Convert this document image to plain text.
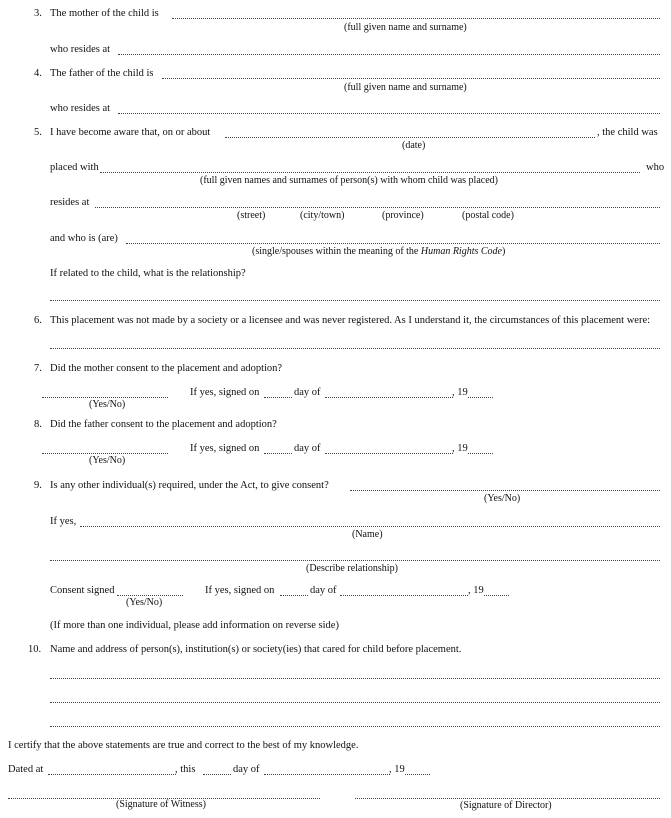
3. The mother of the child is
(full given name and surname)
who resides at
4. The father of the child is
(full given name and surname)
who resides at
5. I have become aware that, on or about	, the child was
(date)
placed with	who
(full given names and surnames of person(s) with whom child was placed)
resides at
(street)	(city/town)	(province)	(postal code)
and who is (are)
(single/spouses within the meaning of the Human Rights Code)
If related to the child, what is the relationship?
6. This placement was not made by a society or a licensee and was never registered. As I understand it, the circumstances of this placement were:
7. Did the mother consent to the placement and adoption?
(Yes/No)
If yes, signed on	day of	, 19
8. Did the father consent to the placement and adoption?
(Yes/No)
If yes, signed on	day of	, 19
9. Is any other individual(s) required, under the Act, to give consent?
(Yes/No)
If yes,
(Name)
(Describe relationship)
Consent signed
(Yes/No)
If yes, signed on	day of	, 19
(If more than one individual, please add information on reverse side)
10. Name and address of person(s), institution(s) or society(ies) that cared for child before placement.
I certify that the above statements are true and correct to the best of my knowledge.
Dated at	, this	day of	, 19
(Signature of Witness)	(Signature of Director)
